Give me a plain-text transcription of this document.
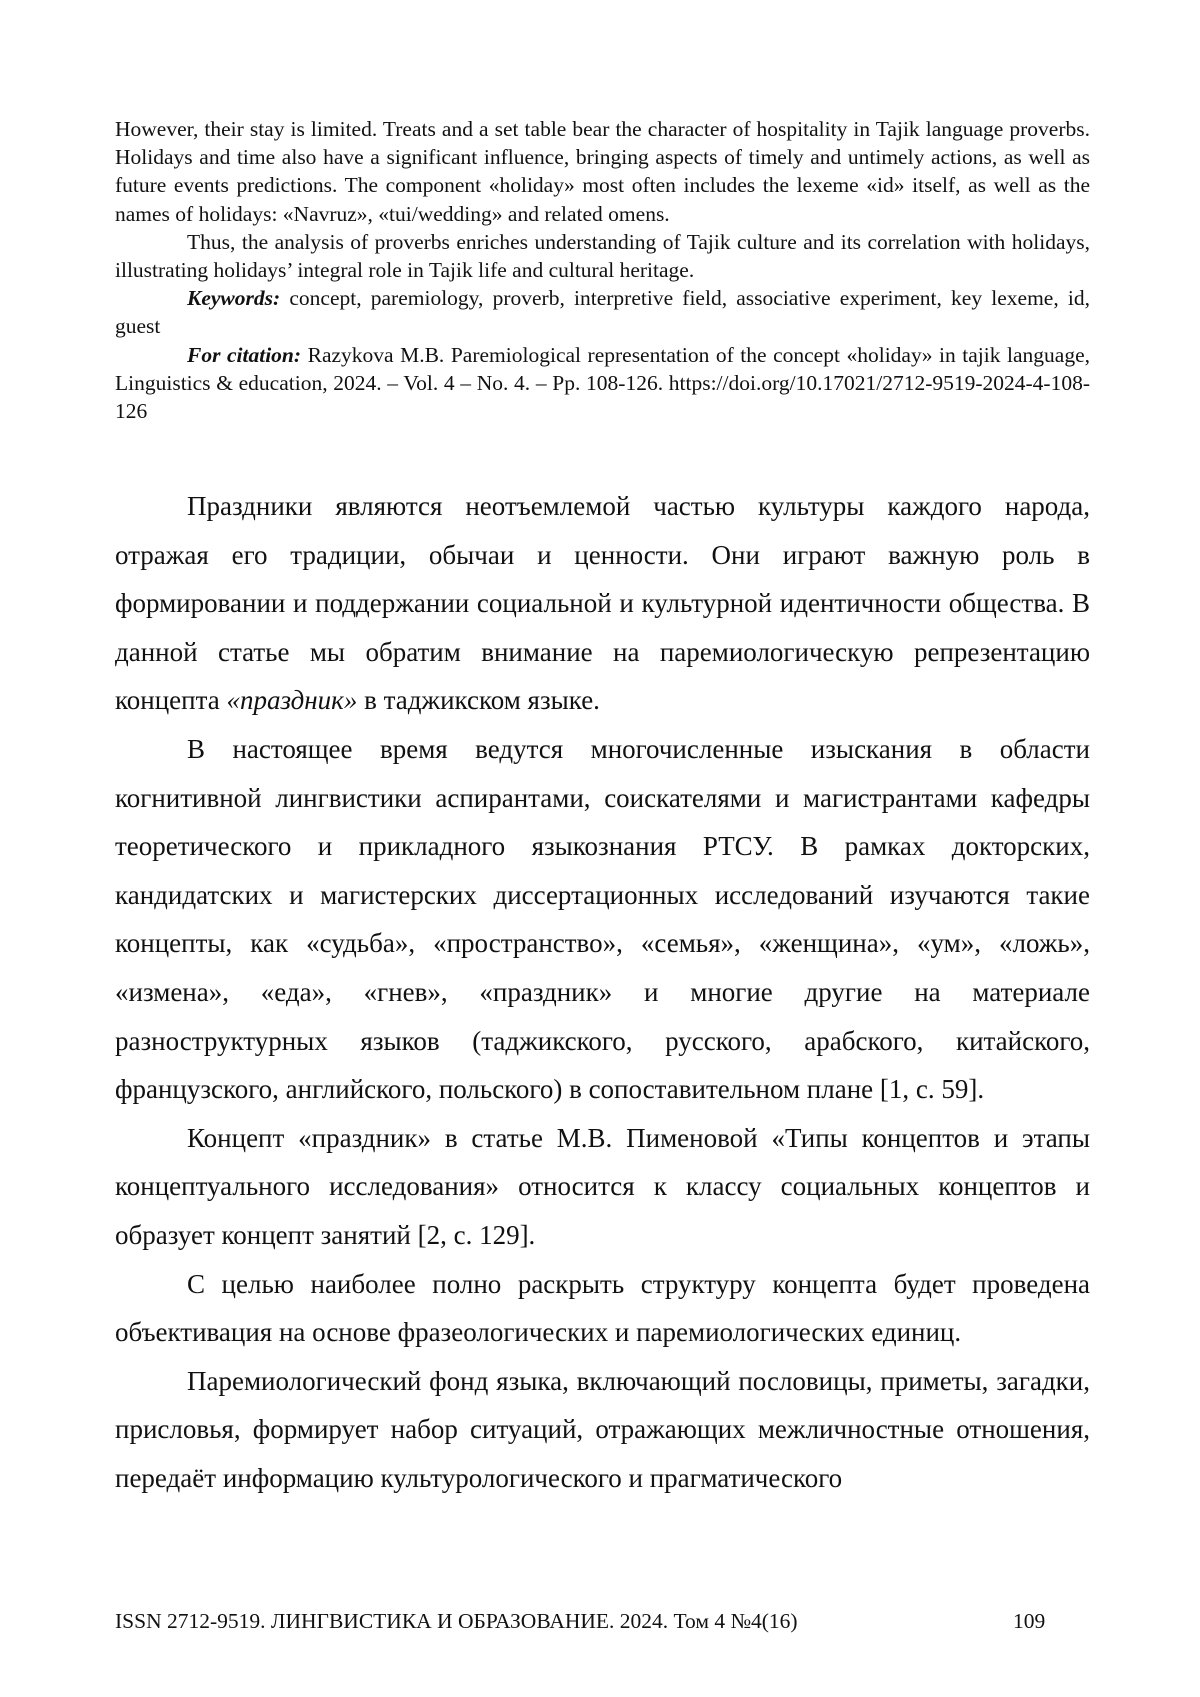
However, their stay is limited. Treats and a set table bear the character of hospitality in Tajik language proverbs. Holidays and time also have a significant influence, bringing aspects of timely and untimely actions, as well as future events predictions. The component «holiday» most often includes the lexeme «id» itself, as well as the names of holidays: «Navruz», «tui/wedding» and related omens.

Thus, the analysis of proverbs enriches understanding of Tajik culture and its correlation with holidays, illustrating holidays’ integral role in Tajik life and cultural heritage.

Keywords: concept, paremiology, proverb, interpretive field, associative experiment, key lexeme, id, guest

For citation: Razykova M.B. Paremiological representation of the concept «holiday» in tajik language, Linguistics & education, 2024. – Vol. 4 – No. 4. – Pp. 108-126. https://doi.org/10.17021/2712-9519-2024-4-108-126

Праздники являются неотъемлемой частью культуры каждого народа, отражая его традиции, обычаи и ценности. Они играют важную роль в формировании и поддержании социальной и культурной идентичности общества. В данной статье мы обратим внимание на паремиологическую репрезентацию концепта «праздник» в таджикском языке.

В настоящее время ведутся многочисленные изыскания в области когнитивной лингвистики аспирантами, соискателями и магистрантами кафедры теоретического и прикладного языкознания РТСУ. В рамках докторских, кандидатских и магистерских диссертационных исследований изучаются такие концепты, как «судьба», «пространство», «семья», «женщина», «ум», «ложь», «измена», «еда», «гнев», «праздник» и многие другие на материале разноструктурных языков (таджикского, русского, арабского, китайского, французского, английского, польского) в сопоставительном плане [1, с. 59].

Концепт «праздник» в статье М.В. Пименовой «Типы концептов и этапы концептуального исследования» относится к классу социальных концептов и образует концепт занятий [2, с. 129].

С целью наиболее полно раскрыть структуру концепта будет проведена объективация на основе фразеологических и паремиологических единиц.

Паремиологический фонд языка, включающий пословицы, приметы, загадки, присловья, формирует набор ситуаций, отражающих межличностные отношения, передаёт информацию культурологического и прагматического

ISSN 2712-9519. ЛИНГВИСТИКА И ОБРАЗОВАНИЕ. 2024. Том 4 №4(16)	109
